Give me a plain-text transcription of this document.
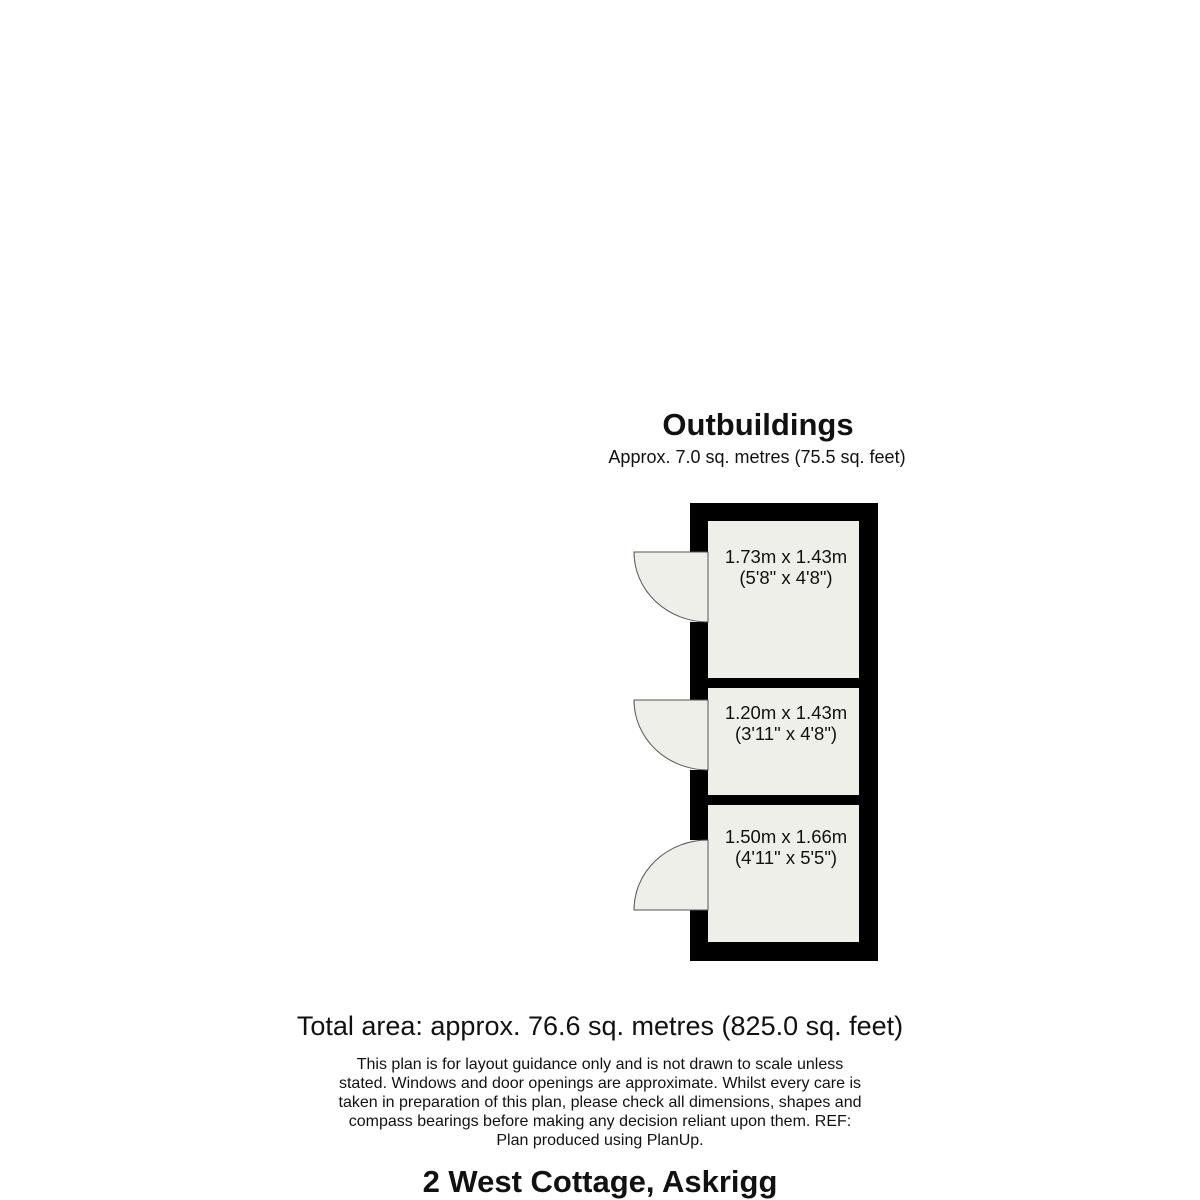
Outbuildings
Approx. 7.0 sq. metres (75.5 sq. feet)
1.73m x 1.43m
(5'8" x 4'8")
1.20m x 1.43m
(3'11" x 4'8")
1.50m x 1.66m
(4'11" x 5'5")
Total area: approx. 76.6 sq. metres (825.0 sq. feet)
This plan is for layout guidance only and is not drawn to scale unless
stated. Windows and door openings are approximate. Whilst every care is
taken in preparation of this plan, please check all dimensions, shapes and
compass bearings before making any decision reliant upon them. REF:
Plan produced using PlanUp.
2 West Cottage, Askrigg
